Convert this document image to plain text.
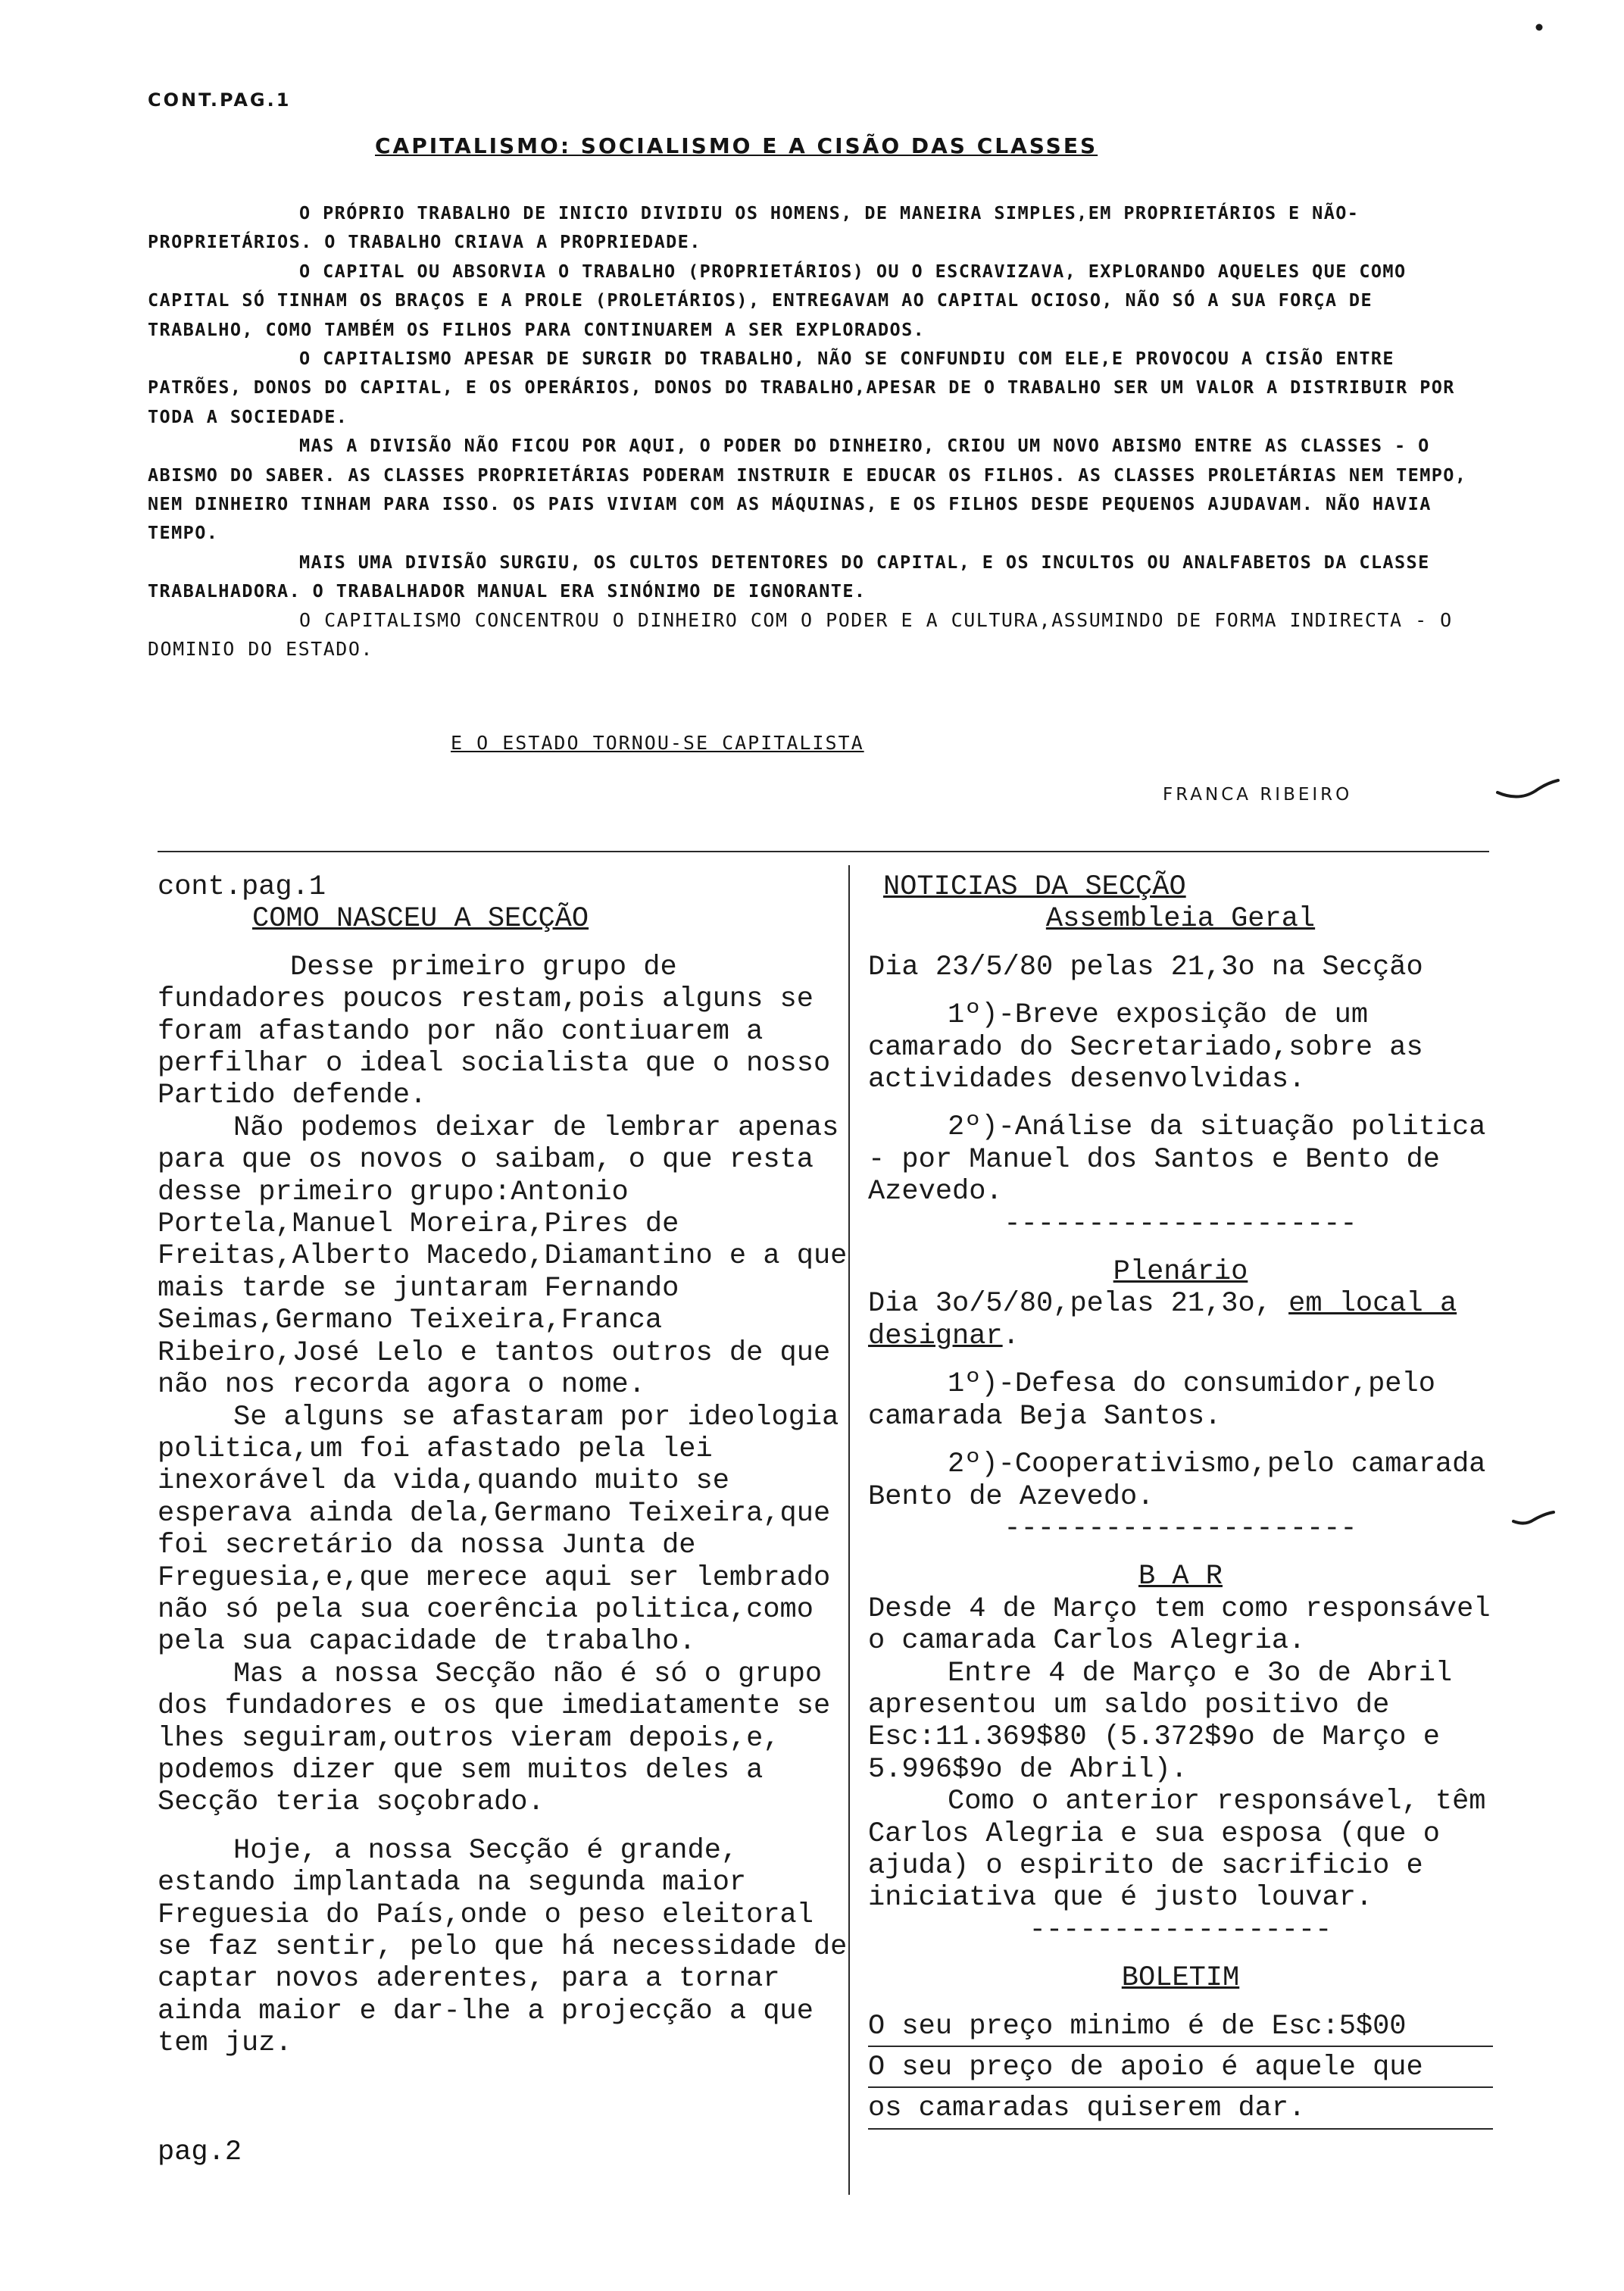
CONT.PAG.1
CAPITALISMO: SOCIALISMO E A CISÃO DAS CLASSES

O PRÓPRIO TRABALHO DE INICIO DIVIDIU OS HOMENS, DE MANEIRA SIMPLES,EM PROPRIETÁRIOS E NÃO-PROPRIETÁRIOS. O TRABALHO CRIAVA A PROPRIEDADE.

O CAPITAL OU ABSORVIA O TRABALHO (PROPRIETÁRIOS) OU O ESCRAVIZAVA, EXPLORANDO AQUELES QUE COMO CAPITAL SÓ TINHAM OS BRAÇOS E A PROLE (PROLETÁRIOS), ENTREGAVAM AO CAPITAL OCIOSO, NÃO SÓ A SUA FORÇA DE TRABALHO, COMO TAMBÉM OS FILHOS PARA CONTINUAREM A SER EXPLORADOS.

O CAPITALISMO APESAR DE SURGIR DO TRABALHO, NÃO SE CONFUNDIU COM ELE,E PROVOCOU A CISÃO ENTRE PATRÕES, DONOS DO CAPITAL, E OS OPERÁRIOS, DONOS DO TRABALHO,APESAR DE O TRABALHO SER UM VALOR A DISTRIBUIR POR TODA A SOCIEDADE.

MAS A DIVISÃO NÃO FICOU POR AQUI, O PODER DO DINHEIRO, CRIOU UM NOVO ABISMO ENTRE AS CLASSES - O ABISMO DO SABER. AS CLASSES PROPRIETÁRIAS PODERAM INSTRUIR E EDUCAR OS FILHOS. AS CLASSES PROLETÁRIAS NEM TEMPO, NEM DINHEIRO TINHAM PARA ISSO. OS PAIS VIVIAM COM AS MÁQUINAS, E OS FILHOS DESDE PEQUENOS AJUDAVAM. NÃO HAVIA TEMPO.

MAIS UMA DIVISÃO SURGIU, OS CULTOS DETENTORES DO CAPITAL, E OS INCULTOS OU ANALFABETOS DA CLASSE TRABALHADORA. O TRABALHADOR MANUAL ERA SINÓNIMO DE IGNORANTE.

O CAPITALISMO CONCENTROU O DINHEIRO COM O PODER E A CULTURA,ASSUMINDO DE FORMA INDIRECTA - O DOMINIO DO ESTADO.

E O ESTADO TORNOU-SE CAPITALISTA
FRANCA RIBEIRO

cont.pag.1

COMO NASCEU A SECÇÃO

Desse primeiro grupo de fundadores poucos restam,pois alguns se foram afastando por não contiuarem a perfilhar o ideal socialista que o nosso Partido defende.

Não podemos deixar de lembrar apenas para que os novos o saibam, o que resta desse primeiro grupo:Antonio Portela,Manuel Moreira,Pires de Freitas,Alberto Macedo,Diamantino e a que mais tarde se juntaram Fernando Seimas,Germano Teixeira,Franca Ribeiro,José Lelo e tantos outros de que não nos recorda agora o nome.

Se alguns se afastaram por ideologia politica,um foi afastado pela lei inexorável da vida,quando muito se esperava ainda dela,Germano Teixeira,que foi secretário da nossa Junta de Freguesia,e,que merece aqui ser lembrado não só pela sua coerência politica,como pela sua capacidade de trabalho.

Mas a nossa Secção não é só o grupo dos fundadores e os que imediatamente se lhes seguiram,outros vieram depois,e, podemos dizer que sem muitos deles a Secção teria soçobrado.

Hoje, a nossa Secção é grande, estando implantada na segunda maior Freguesia do País,onde o peso eleitoral se faz sentir, pelo que há necessidade de captar novos aderentes, para a tornar ainda maior e dar-lhe a projecção a que tem juz.

pag.2

NOTICIAS DA SECÇÃO

Assembleia Geral

Dia 23/5/80 pelas 21,3o na Secção

1º)-Breve exposição de um camarado do Secretariado,sobre as actividades desenvolvidas.

2º)-Análise da situação politica - por Manuel dos Santos e Bento de Azevedo.

---------------------

Plenário

Dia 3o/5/80,pelas 21,3o, em local a designar.

1º)-Defesa do consumidor,pelo camarada Beja Santos.

2º)-Cooperativismo,pelo camarada Bento de Azevedo.

---------------------

B A R

Desde 4 de Março tem como responsável o camarada Carlos Alegria.

Entre 4 de Março e 3o de Abril apresentou um saldo positivo de Esc:11.369$80 (5.372$9o de Março e 5.996$9o de Abril).

Como o anterior responsável, têm Carlos Alegria e sua esposa (que o ajuda) o espirito de sacrificio e iniciativa que é justo louvar.

------------------

BOLETIM

O seu preço minimo é de Esc:5$00

O seu preço de apoio é aquele que

os camaradas quiserem dar.
